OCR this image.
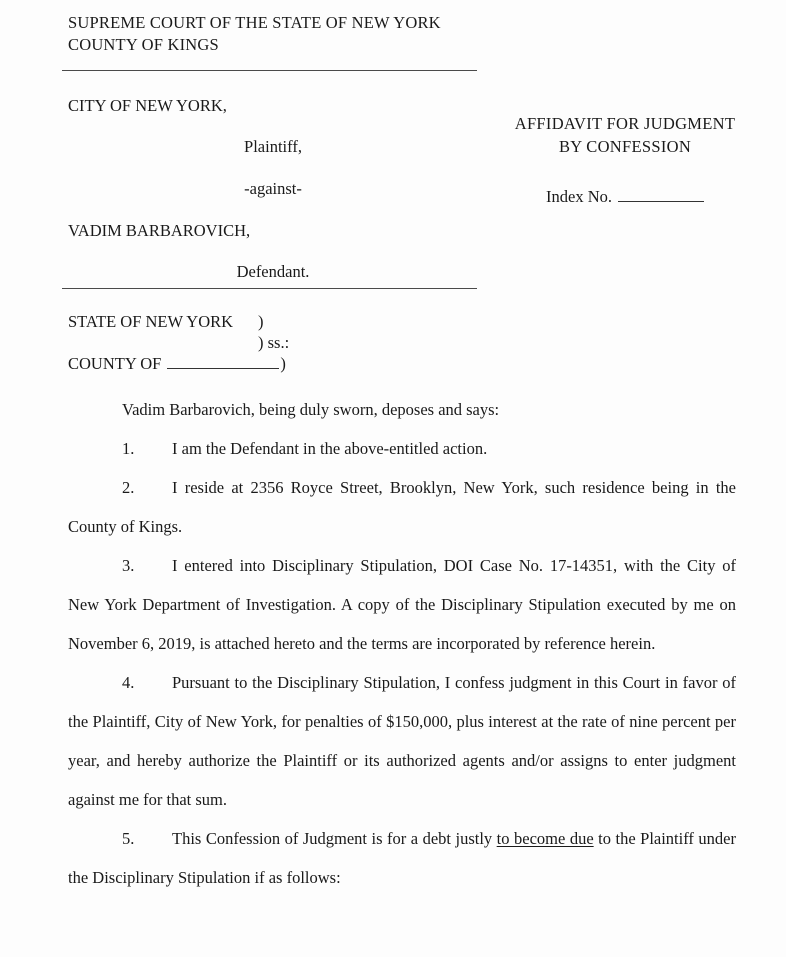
SUPREME COURT OF THE STATE OF NEW YORK
COUNTY OF KINGS
CITY OF NEW YORK,
Plaintiff,
-against-
VADIM BARBAROVICH,
Defendant.
AFFIDAVIT FOR JUDGMENT
BY CONFESSION
Index No.
STATE OF NEW YORK	)
) ss.:
COUNTY OF	)

Vadim Barbarovich, being duly sworn, deposes and says:

1. I am the Defendant in the above-entitled action.

2. I reside at 2356 Royce Street, Brooklyn, New York, such residence being in the County of Kings.

3. I entered into Disciplinary Stipulation, DOI Case No. 17-14351, with the City of New York Department of Investigation. A copy of the Disciplinary Stipulation executed by me on November 6, 2019, is attached hereto and the terms are incorporated by reference herein.

4. Pursuant to the Disciplinary Stipulation, I confess judgment in this Court in favor of the Plaintiff, City of New York, for penalties of $150,000, plus interest at the rate of nine percent per year, and hereby authorize the Plaintiff or its authorized agents and/or assigns to enter judgment against me for that sum.

5. This Confession of Judgment is for a debt justly to become due to the Plaintiff under the Disciplinary Stipulation if as follows:
